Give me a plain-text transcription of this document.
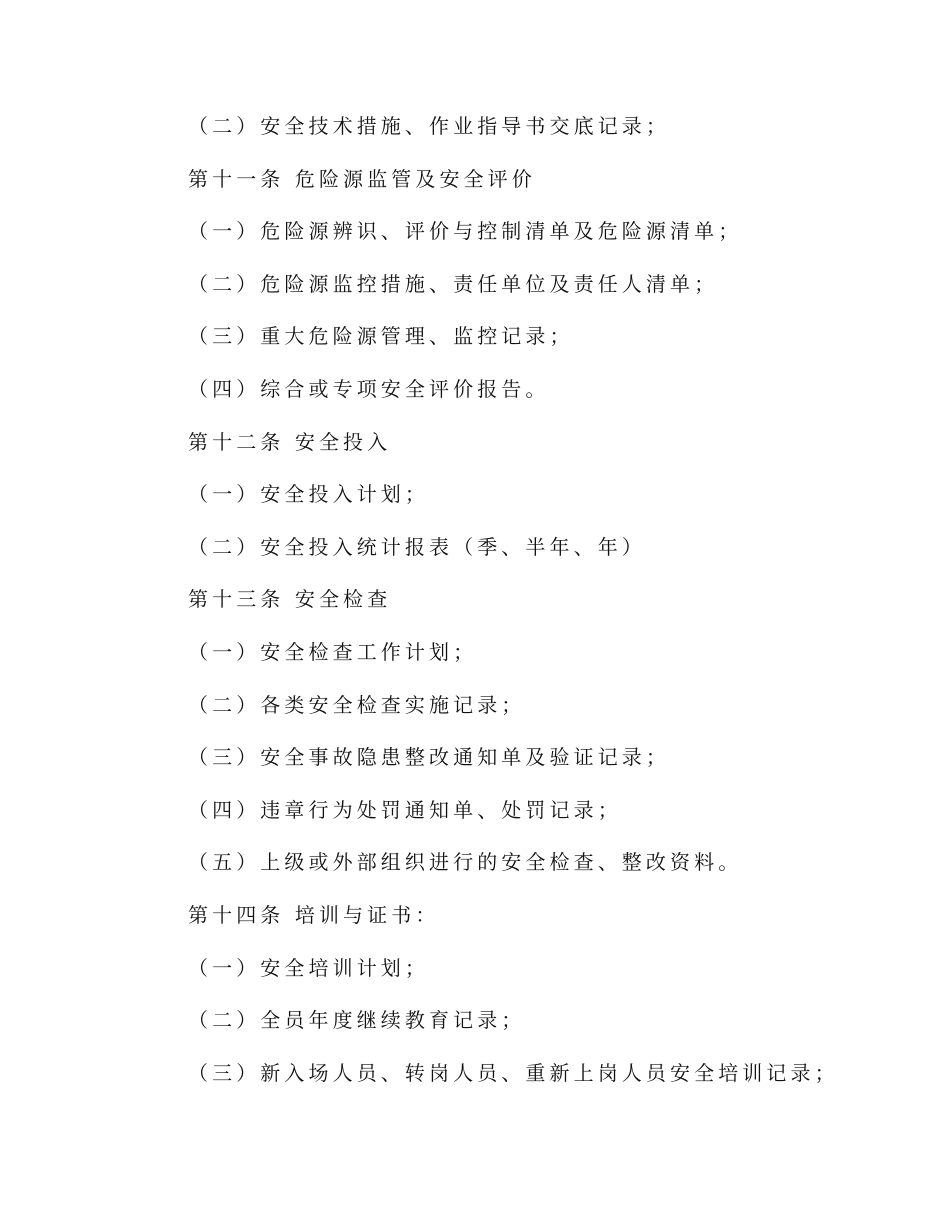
（二）安全技术措施、作业指导书交底记录；
第十一条 危险源监管及安全评价
（一）危险源辨识、评价与控制清单及危险源清单；
（二）危险源监控措施、责任单位及责任人清单；
（三）重大危险源管理、监控记录；
（四）综合或专项安全评价报告。
第十二条 安全投入
（一）安全投入计划；
（二）安全投入统计报表（季、半年、年）
第十三条 安全检查
（一）安全检查工作计划；
（二）各类安全检查实施记录；
（三）安全事故隐患整改通知单及验证记录；
（四）违章行为处罚通知单、处罚记录；
（五）上级或外部组织进行的安全检查、整改资料。
第十四条 培训与证书：
（一）安全培训计划；
（二）全员年度继续教育记录；
（三）新入场人员、转岗人员、重新上岗人员安全培训记录；
